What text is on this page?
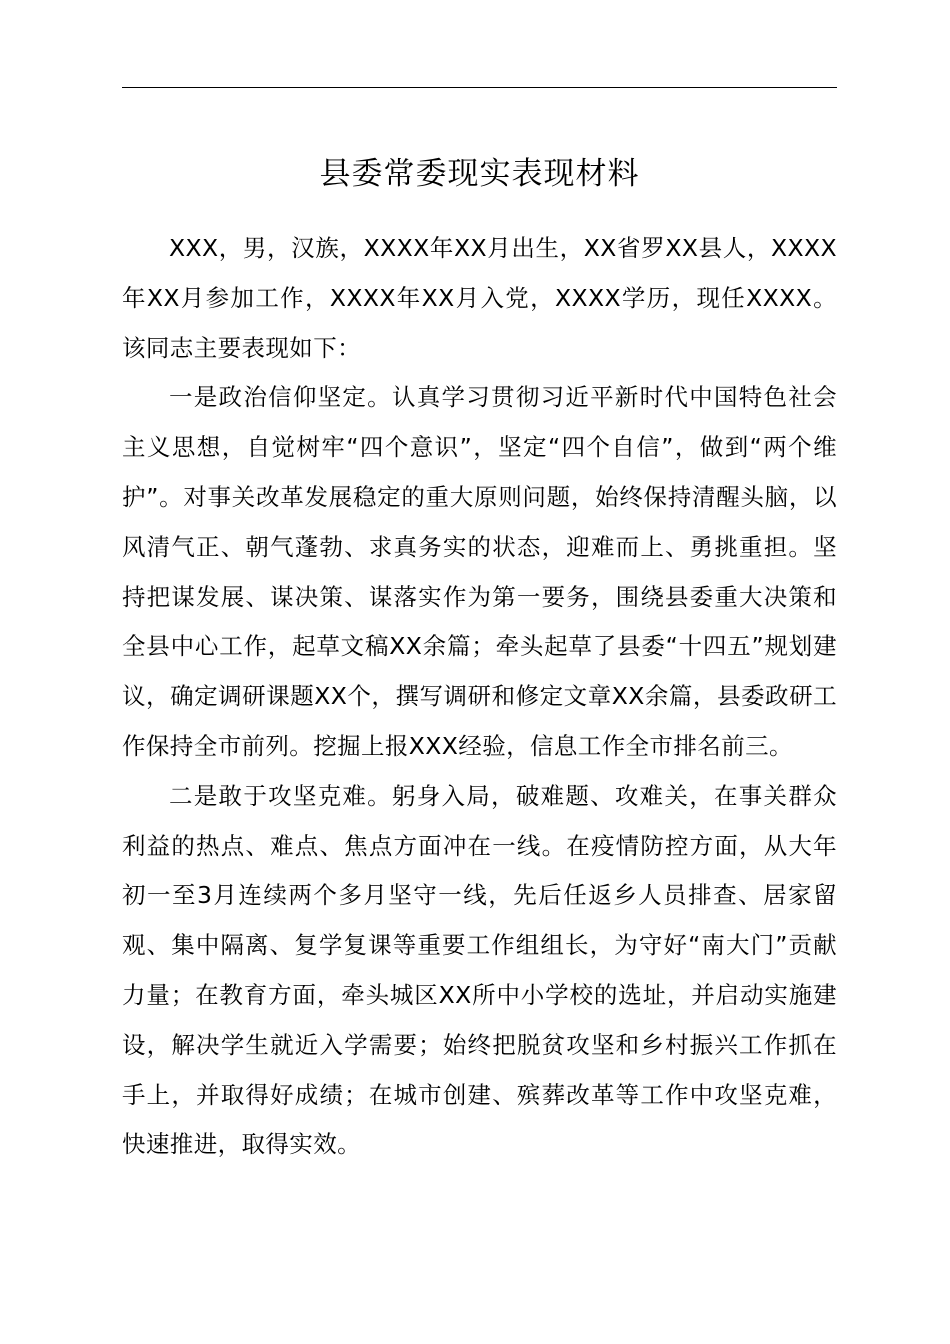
县委常委现实表现材料

XXX，男，汉族，XXXX年XX月出生，XX省罗XX县人，XXXX年XX月参加工作，XXXX年XX月入党，XXXX学历，现任XXXX。该同志主要表现如下：

一是政治信仰坚定。认真学习贯彻习近平新时代中国特色社会主义思想，自觉树牢“四个意识”，坚定“四个自信”，做到“两个维护”。对事关改革发展稳定的重大原则问题，始终保持清醒头脑，以风清气正、朝气蓬勃、求真务实的状态，迎难而上、勇挑重担。坚持把谋发展、谋决策、谋落实作为第一要务，围绕县委重大决策和全县中心工作，起草文稿XX余篇；牵头起草了县委“十四五”规划建议，确定调研课题XX个，撰写调研和修定文章XX余篇，县委政研工作保持全市前列。挖掘上报XXX经验，信息工作全市排名前三。

二是敢于攻坚克难。躬身入局，破难题、攻难关，在事关群众利益的热点、难点、焦点方面冲在一线。在疫情防控方面，从大年初一至3月连续两个多月坚守一线，先后任返乡人员排查、居家留观、集中隔离、复学复课等重要工作组组长，为守好“南大门”贡献力量；在教育方面，牵头城区XX所中小学校的选址，并启动实施建设，解决学生就近入学需要；始终把脱贫攻坚和乡村振兴工作抓在手上，并取得好成绩；在城市创建、殡葬改革等工作中攻坚克难，快速推进，取得实效。
